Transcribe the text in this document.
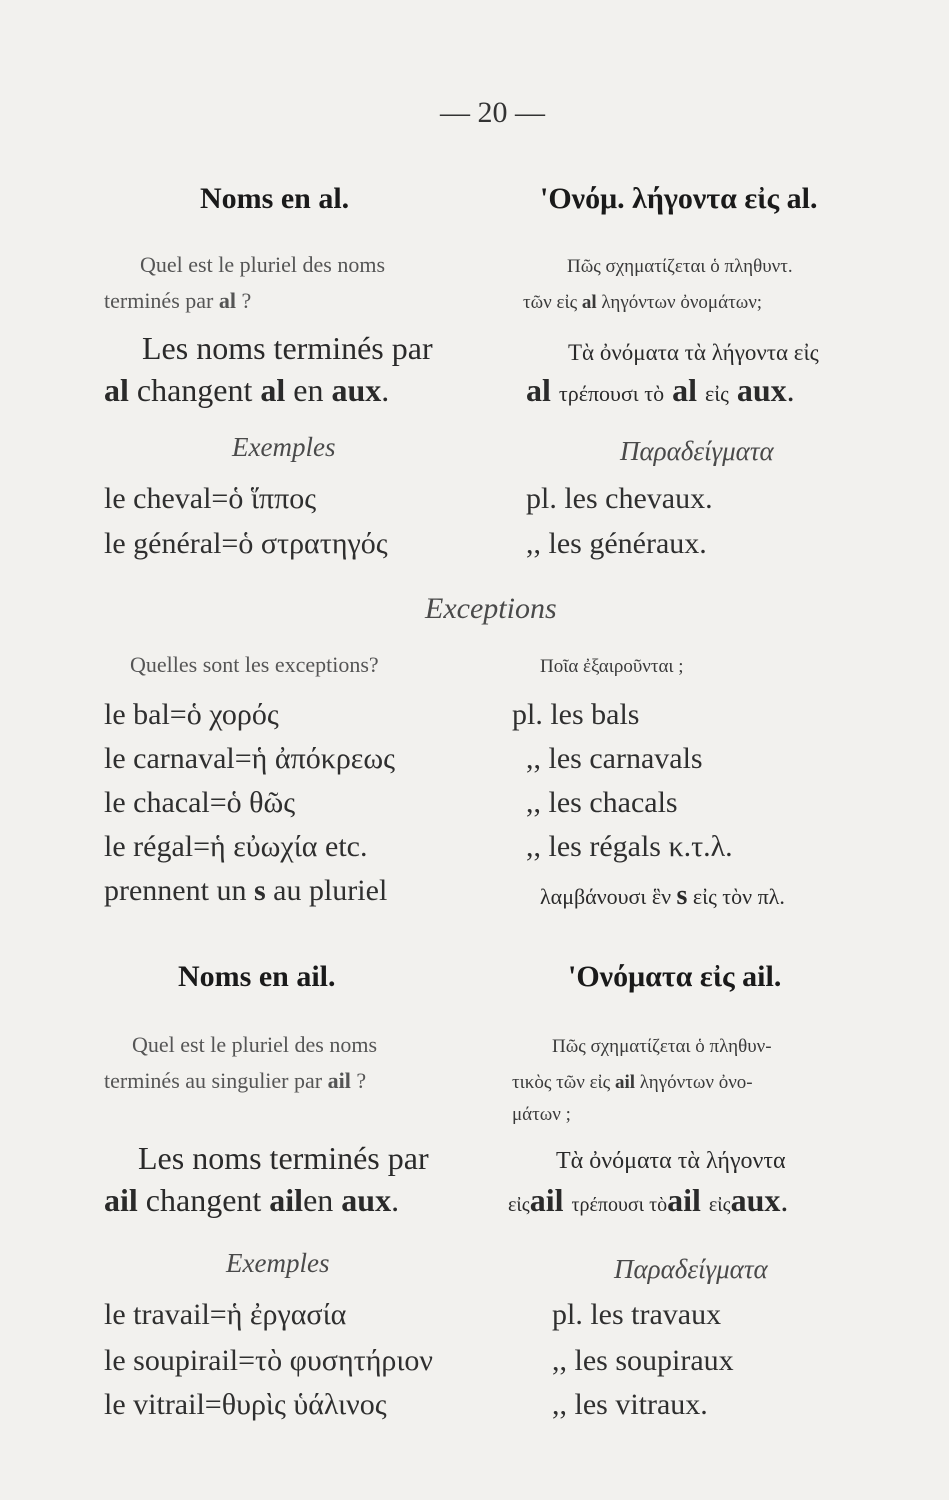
— 20 —
Noms en al.	'Ονόμ. λήγοντα εἰς al.
Quel est le pluriel des noms
terminés par al ?
Πῶς σχηματίζεται ὁ πληθυντ.
τῶν εἰς al ληγόντων ὀνομάτων;
Les noms terminés par
al changent al en aux.
Τὰ ὀνόματα τὰ λήγοντα εἰς
al τρέπουσι τὸ al εἰς aux.
Exemples	Παραδείγματα
le cheval=ὁ ἵππος	pl. les chevaux.
le général=ὁ στρατηγός	,, les généraux.
Exceptions
Quelles sont les exceptions?	Ποῖα ἐξαιροῦνται ;
le bal=ὁ χορός	pl. les bals
le carnaval=ἡ ἀπόκρεως	,, les carnavals
le chacal=ὁ θῶς	,, les chacals
le régal=ἡ εὐωχία etc.	,, les régals κ.τ.λ.
prennent un s au pluriel	λαμβάνουσι ἓν s εἰς τὸν πλ.
Noms en ail.	'Ονόματα εἰς ail.
Quel est le pluriel des noms
terminés au singulier par ail ?
Πῶς σχηματίζεται ὁ πληθυν-
τικὸς τῶν εἰς ail ληγόντων ὀνο-
μάτων ;
Les noms terminés par
ail changent ailen aux.
Τὰ ὀνόματα τὰ λήγοντα
εἰςail τρέπουσι τὸail εἰςaux.
Exemples	Παραδείγματα
le travail=ἡ ἐργασία	pl. les travaux
le soupirail=τὸ φυσητήριον	,, les soupiraux
le vitrail=θυρὶς ὑάλινος	,, les vitraux.
